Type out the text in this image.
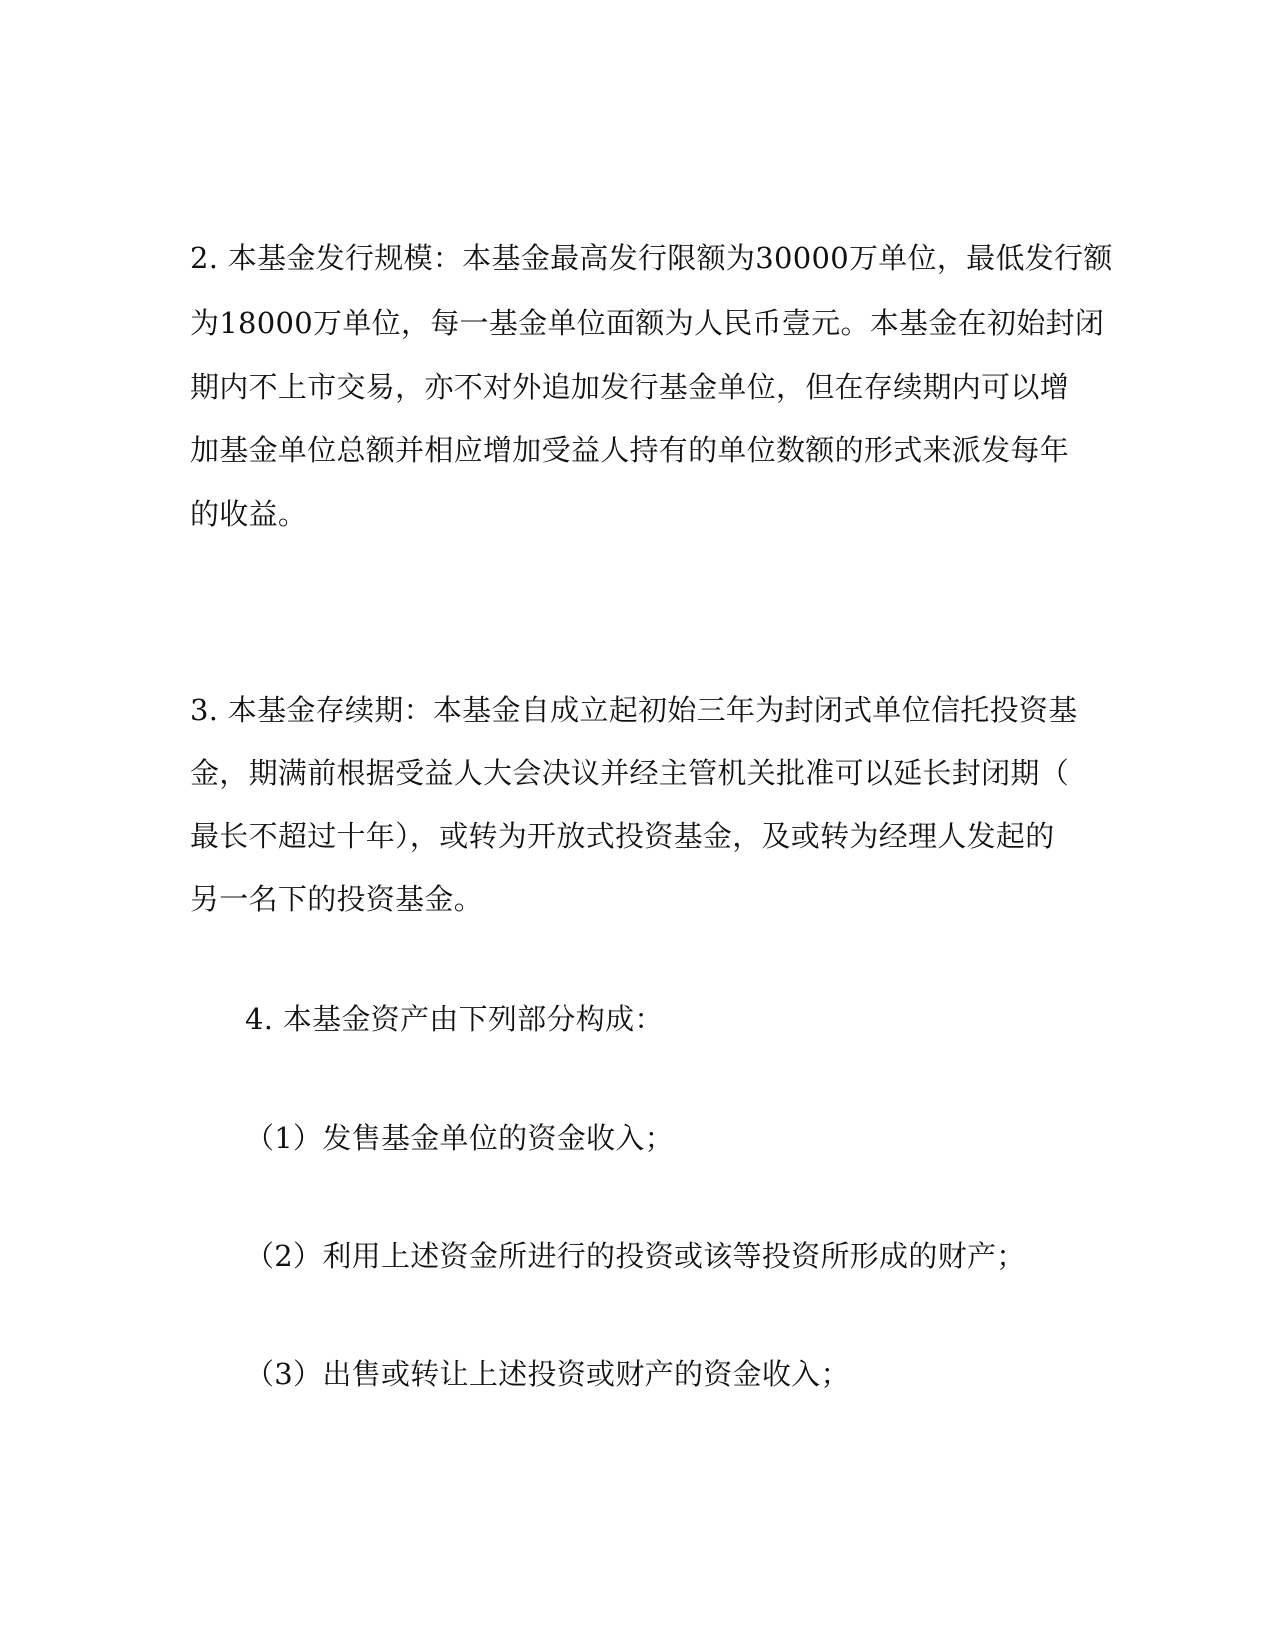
2. 本基金发行规模：本基金最高发行限额为30000万单位，最低发行额
为18000万单位，每一基金单位面额为人民币壹元。本基金在初始封闭
期内不上市交易，亦不对外追加发行基金单位，但在存续期内可以增
加基金单位总额并相应增加受益人持有的单位数额的形式来派发每年
的收益。
3. 本基金存续期：本基金自成立起初始三年为封闭式单位信托投资基
金，期满前根据受益人大会决议并经主管机关批准可以延长封闭期（
最长不超过十年），或转为开放式投资基金，及或转为经理人发起的
另一名下的投资基金。
4. 本基金资产由下列部分构成：
（1）发售基金单位的资金收入；
（2）利用上述资金所进行的投资或该等投资所形成的财产；
（3）出售或转让上述投资或财产的资金收入；
